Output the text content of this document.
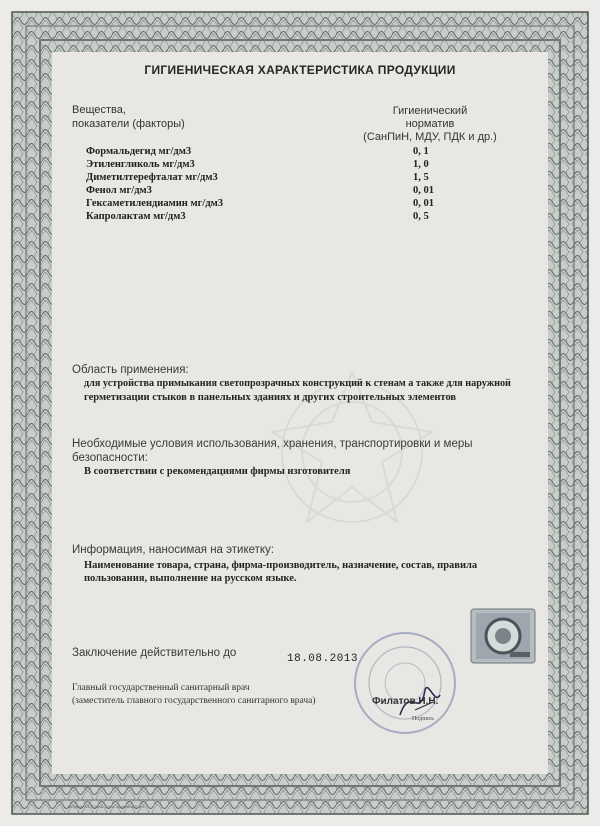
ГИГИЕНИЧЕСКАЯ ХАРАКТЕРИСТИКА ПРОДУКЦИИ
Вещества,
показатели (факторы)
Гигиенический
норматив
(СанПиН, МДУ, ПДК и др.)
Формальдегид мг/дм3	0, 1
Этиленгликоль мг/дм3	1, 0
Диметилтерефталат мг/дм3	1, 5
Фенол мг/дм3	0, 01
Гексаметилендиамин мг/дм3	0, 01
Капролактам мг/дм3	0, 5
Область применения:
для устройства примыкания светопрозрачных конструкций к стенам а также для наружной
герметизации стыков в панельных зданиях и других строительных элементов
Необходимые условия использования, хранения, транспортировки и меры
безопасности:
В соответствии с рекомендациями фирмы изготовителя
Информация, наносимая на этикетку:
Наименование товара, страна, фирма-производитель, назначение, состав, правила
пользования, выполнение на русском языке.
Заключение действительно до	18.08.2013
Главный государственный санитарный врач
(заместитель главного государственного санитарного врача)	Филатов Н.Н.
Подпись
Формат А4. Бланк. Срок хранения 5 лет.
